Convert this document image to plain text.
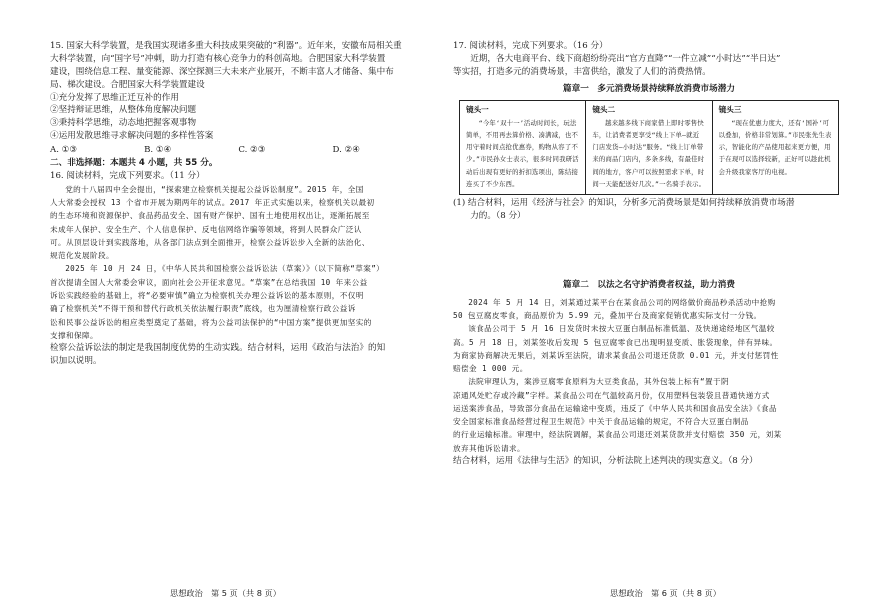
15. 国家大科学装置，是我国实现诸多重大科技成果突破的“利器”。近年来，安徽布局相关重

大科学装置，向“国字号”冲刺，助力打造有核心竞争力的科创高地。合肥国家大科学装置

建设，围绕信息工程、量变能源、深空探测三大未来产业展开，不断丰富人才储备、集中布

局、梯次建设。合肥国家大科学装置建设

①充分发挥了思维正迁互补的作用

②坚持辩证思维，从整体角度解决问题

③秉持科学思维，动态地把握客观事物

④运用发散思维寻求解决问题的多样性答案

A. ①③	B. ①④	C. ②③	D. ②④

二、非选择题：本题共 4 小题，共 55 分。

16. 阅读材料，完成下列要求。（11 分）

党的十八届四中全会提出，“探索建立检察机关提起公益诉讼制度”。2015 年，全国

人大常委会授权 13 个省市开展为期两年的试点。2017 年正式实施以来，检察机关以最初

的生态环境和资源保护、食品药品安全、国有财产保护、国有土地使用权出让，逐渐拓展至

未成年人保护、安全生产、个人信息保护、反电信网络诈骗等领域，将到人民群众广泛认

可。从顶层设计到实践落地，从各部门法点到全面推开，检察公益诉讼步入全新的法治化、

规范化发展阶段。

2025 年 10 月 24 日，《中华人民共和国检察公益诉讼法（草案）》（以下简称“草案”）

首次提请全国人大常委会审议，面向社会公开征求意见。“草案”在总结我国 10 年来公益

诉讼实践经验的基础上，将“必要审慎”确立为检察机关办理公益诉讼的基本原则，不仅明

确了检察机关“不得干预和替代行政机关依法履行职责”底线，也为厘清检察行政公益诉

讼和民事公益诉讼的相应类型奠定了基础，将为公益司法保护的“中国方案”提供更加坚实的

支撑和保障。

检察公益诉讼法的制定是我国制度优势的生动实践。结合材料，运用《政治与法治》的知

识加以说明。

思想政治　第 5 页（共 8 页）

17. 阅读材料，完成下列要求。（16 分）

近期，各大电商平台、线下商超纷纷亮出“官方直降”“一件立减”“小时达”“半日达”

等实招，打造多元的消费场景，丰富供给，激发了人们的消费热情。

篇章一　多元消费场景持续释放消费市场潜力

镜头一
“今年‘双十一’活动时间长，玩法简单，不用再去算价格、凑满减，也不用守着时间点抢优惠券，购物从容了不少。”市民孙女士表示，很多时同我研活动后出现有更好的折扣选项出，陈结接连买了不少东西。
镜头二
越来越多线下商家借上即时零售快车，让消费者更享受“线上下单—就近门店发货—小时达”服务。“线上订单带来的商品门店内，多条多线，有最佳时间的地方，客户可以按照需求下单，时间一天能配送好几次。”一名骑手表示。
镜头三
“现在优惠力度大，还有‘国补’可以叠加，价格非常划算。”市民张先生表示，智能化的产品使用起来更方便，用于在现可以选择较新，正好可以趁此机会升级我家客厅的电视。

(1) 结合材料，运用《经济与社会》的知识，分析多元消费场景是如何持续释放消费市场潜

力的。（8 分）

篇章二　以法之名守护消费者权益，助力消费

2024 年 5 月 14 日，刘某通过某平台在某食品公司的网络做价商品秒杀活动中抢购

50 包豆腐皮零食，商品原价为 5.99 元，叠加平台及商家促销优惠实际支付一分钱。

该食品公司于 5 月 16 日发货时未按大豆蛋白制品标准低温、及快递途经地区气温较

高。5 月 18 日，刘某签收后发现 5 包豆腐零食已出现明显变质、胀袋现象，伴有异味。

为商家协商解决无果后，刘某诉至法院，请求某食品公司退还货款 0.01 元，并支付惩罚性

赔偿金 1 000 元。

法院审理认为，案涉豆腐零食原料为大豆类食品，其外包装上标有“置于阴

凉通风处贮存或冷藏”字样。某食品公司在气温较高月份，仅用塑料包装袋且普通快递方式

运送案涉食品，导致部分食品在运输途中变质，违反了《中华人民共和国食品安全法》《食品

安全国家标准食品经营过程卫生规范》中关于食品运输的规定，不符合大豆蛋白制品

的行业运输标准。审理中，经法院调解，某食品公司退还刘某货款并支付赔偿 350 元，刘某

放弃其他诉讼请求。

结合材料，运用《法律与生活》的知识，分析法院上述判决的现实意义。（8 分）

思想政治　第 6 页（共 8 页）
